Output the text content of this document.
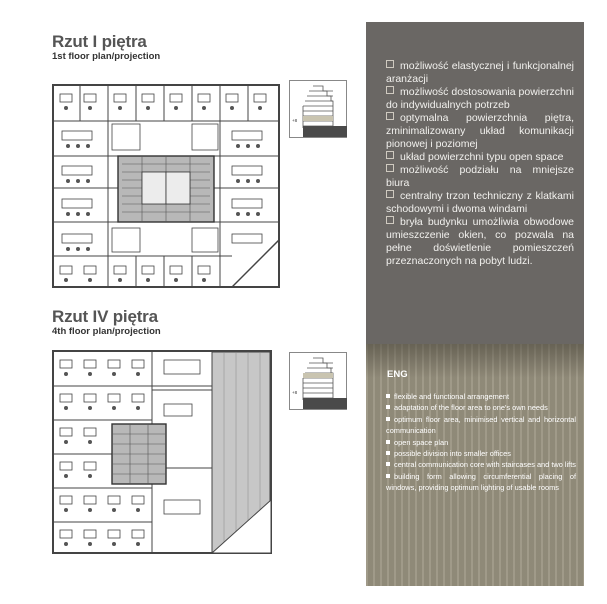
Rzut I piętra
1st floor plan/projection
Rzut IV piętra
4th floor plan/projection
+8
+1
+8
+4
możliwość elastycznej i funkcjonalnej aranżacji
możliwość dostosowania powierzchni do indywidualnych potrzeb
optymalna powierzchnia piętra, zminimalizowany układ komunikacji pionowej i poziomej
układ powierzchni typu open space
możliwość podziału na mniejsze biura
centralny trzon techniczny z klatkami schodowymi i dwoma windami
bryła budynku umożliwia obwodowe umieszczenie okien, co pozwala na pełne doświetlenie pomieszczeń przeznaczonych na pobyt ludzi.
ENG
flexible and functional arrangement
adaptation of the floor area to one's own needs
optimum floor area, minimised vertical and horizontal communication
open space plan
possible division into smaller offices
central communication core with staircases and two lifts
building form allowing circumferential placing of windows, providing optimum lighting of usable rooms
